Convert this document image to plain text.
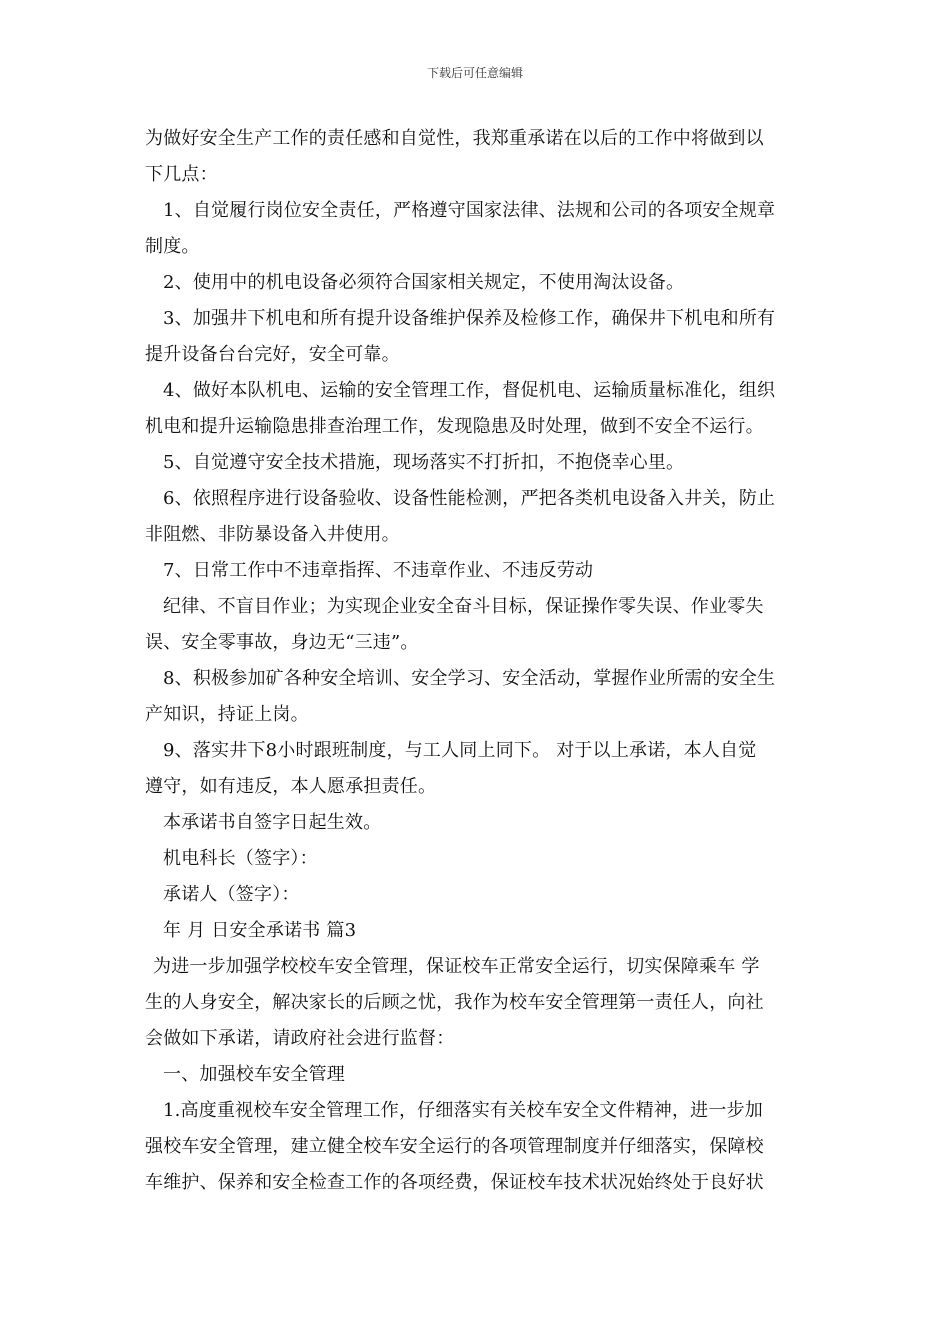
下载后可任意编辑
为做好安全生产工作的责任感和自觉性，我郑重承诺在以后的工作中将做到以
下几点：
1、自觉履行岗位安全责任，严格遵守国家法律、法规和公司的各项安全规章
制度。
2、使用中的机电设备必须符合国家相关规定，不使用淘汰设备。
3、加强井下机电和所有提升设备维护保养及检修工作，确保井下机电和所有
提升设备台台完好，安全可靠。
4、做好本队机电、运输的安全管理工作，督促机电、运输质量标准化，组织
机电和提升运输隐患排查治理工作，发现隐患及时处理，做到不安全不运行。
5、自觉遵守安全技术措施，现场落实不打折扣，不抱侥幸心里。
6、依照程序进行设备验收、设备性能检测，严把各类机电设备入井关，防止
非阻燃、非防暴设备入井使用。
7、日常工作中不违章指挥、不违章作业、不违反劳动
纪律、不盲目作业；为实现企业安全奋斗目标，保证操作零失误、作业零失
误、安全零事故，身边无“三违”。
8、积极参加矿各种安全培训、安全学习、安全活动，掌握作业所需的安全生
产知识，持证上岗。
9、落实井下8小时跟班制度，与工人同上同下。 对于以上承诺，本人自觉
遵守，如有违反，本人愿承担责任。
本承诺书自签字日起生效。
机电科长（签字）：
承诺人（签字）：
年 月 日安全承诺书 篇3
为进一步加强学校校车安全管理，保证校车正常安全运行，切实保障乘车 学
生的人身安全，解决家长的后顾之忧，我作为校车安全管理第一责任人，向社
会做如下承诺，请政府社会进行监督：
一、加强校车安全管理
1.高度重视校车安全管理工作，仔细落实有关校车安全文件精神，进一步加
强校车安全管理，建立健全校车安全运行的各项管理制度并仔细落实，保障校
车维护、保养和安全检查工作的各项经费，保证校车技术状况始终处于良好状
